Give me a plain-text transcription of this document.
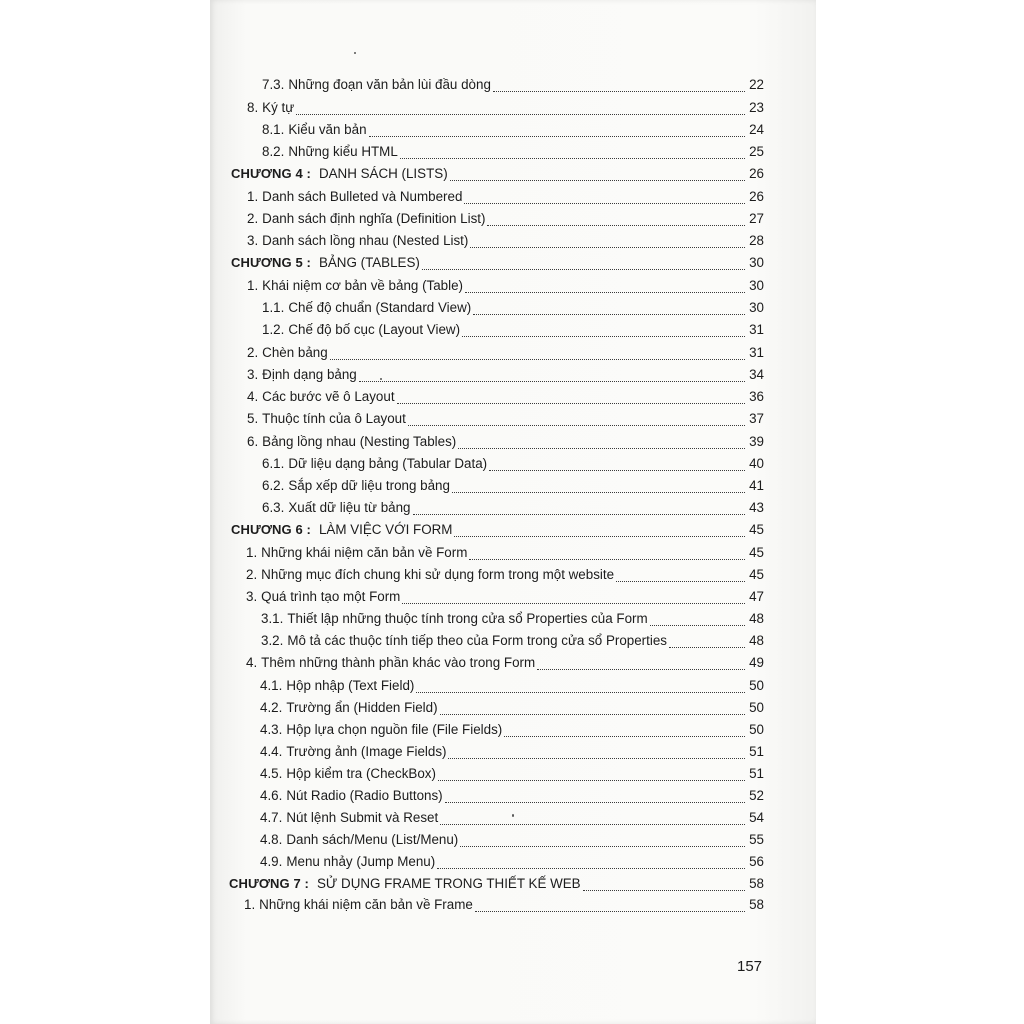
7.3. Những đoạn văn bản lùi đầu dòng	22
8. Ký tự	23
8.1. Kiểu văn bản	24
8.2. Những kiểu HTML	25
CHƯƠNG 4 : DANH SÁCH (LISTS)	26
1. Danh sách Bulleted và Numbered	26
2. Danh sách định nghĩa (Definition List)	27
3. Danh sách lồng nhau (Nested List)	28
CHƯƠNG 5 : BẢNG (TABLES)	30
1. Khái niệm cơ bản về bảng (Table)	30
1.1. Chế độ chuẩn (Standard View)	30
1.2. Chế độ bố cục (Layout View)	31
2. Chèn bảng	31
3. Định dạng bảng	34
4. Các bước vẽ ô Layout	36
5. Thuộc tính của ô Layout	37
6. Bảng lồng nhau (Nesting Tables)	39
6.1. Dữ liệu dạng bảng (Tabular Data)	40
6.2. Sắp xếp dữ liệu trong bảng	41
6.3. Xuất dữ liệu từ bảng	43
CHƯƠNG 6 : LÀM VIỆC VỚI FORM	45
1. Những khái niệm căn bản về Form	45
2. Những mục đích chung khi sử dụng form trong một website	45
3. Quá trình tạo một Form	47
3.1. Thiết lập những thuộc tính trong cửa sổ Properties của Form	48
3.2. Mô tả các thuộc tính tiếp theo của Form trong cửa sổ Properties	48
4. Thêm những thành phần khác vào trong Form	49
4.1. Hộp nhập (Text Field)	50
4.2. Trường ẩn (Hidden Field)	50
4.3. Hộp lựa chọn nguồn file (File Fields)	50
4.4. Trường ảnh (Image Fields)	51
4.5. Hộp kiểm tra (CheckBox)	51
4.6. Nút Radio (Radio Buttons)	52
4.7. Nút lệnh Submit và Reset	54
4.8. Danh sách/Menu (List/Menu)	55
4.9. Menu nhảy (Jump Menu)	56
CHƯƠNG 7 : SỬ DỤNG FRAME TRONG THIẾT KẾ WEB	58
1. Những khái niệm căn bản về Frame	58
157
